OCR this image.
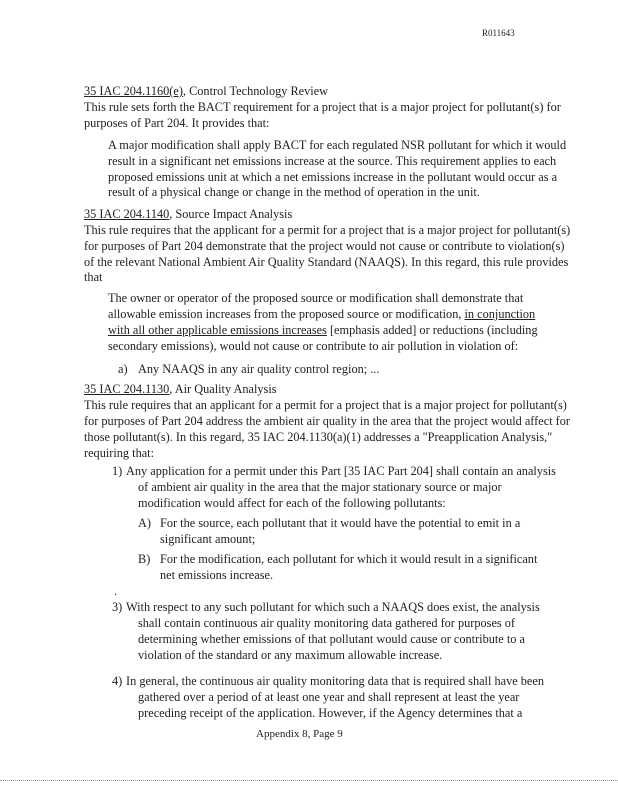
R011643
35 IAC 204.1160(e), Control Technology Review
This rule sets forth the BACT requirement for a project that is a major project for pollutant(s) for
purposes of Part 204. It provides that:
A major modification shall apply BACT for each regulated NSR pollutant for which it would
result in a significant net emissions increase at the source. This requirement applies to each
proposed emissions unit at which a net emissions increase in the pollutant would occur as a
result of a physical change or change in the method of operation in the unit.
35 IAC 204.1140, Source Impact Analysis
This rule requires that the applicant for a permit for a project that is a major project for pollutant(s)
for purposes of Part 204 demonstrate that the project would not cause or contribute to violation(s)
of the relevant National Ambient Air Quality Standard (NAAQS). In this regard, this rule provides
that
The owner or operator of the proposed source or modification shall demonstrate that
allowable emission increases from the proposed source or modification, in conjunction
with all other applicable emissions increases [emphasis added] or reductions (including
secondary emissions), would not cause or contribute to air pollution in violation of:
a) Any NAAQS in any air quality control region; ...
35 IAC 204.1130, Air Quality Analysis
This rule requires that an applicant for a permit for a project that is a major project for pollutant(s)
for purposes of Part 204 address the ambient air quality in the area that the project would affect for
those pollutant(s). In this regard, 35 IAC 204.1130(a)(1) addresses a "Preapplication Analysis,"
requiring that:
1) Any application for a permit under this Part [35 IAC Part 204] shall contain an analysis
of ambient air quality in the area that the major stationary source or major
modification would affect for each of the following pollutants:
A) For the source, each pollutant that it would have the potential to emit in a
significant amount;
B) For the modification, each pollutant for which it would result in a significant
net emissions increase.
.
3) With respect to any such pollutant for which such a NAAQS does exist, the analysis
shall contain continuous air quality monitoring data gathered for purposes of
determining whether emissions of that pollutant would cause or contribute to a
violation of the standard or any maximum allowable increase.
4) In general, the continuous air quality monitoring data that is required shall have been
gathered over a period of at least one year and shall represent at least the year
preceding receipt of the application. However, if the Agency determines that a
Appendix 8, Page 9
